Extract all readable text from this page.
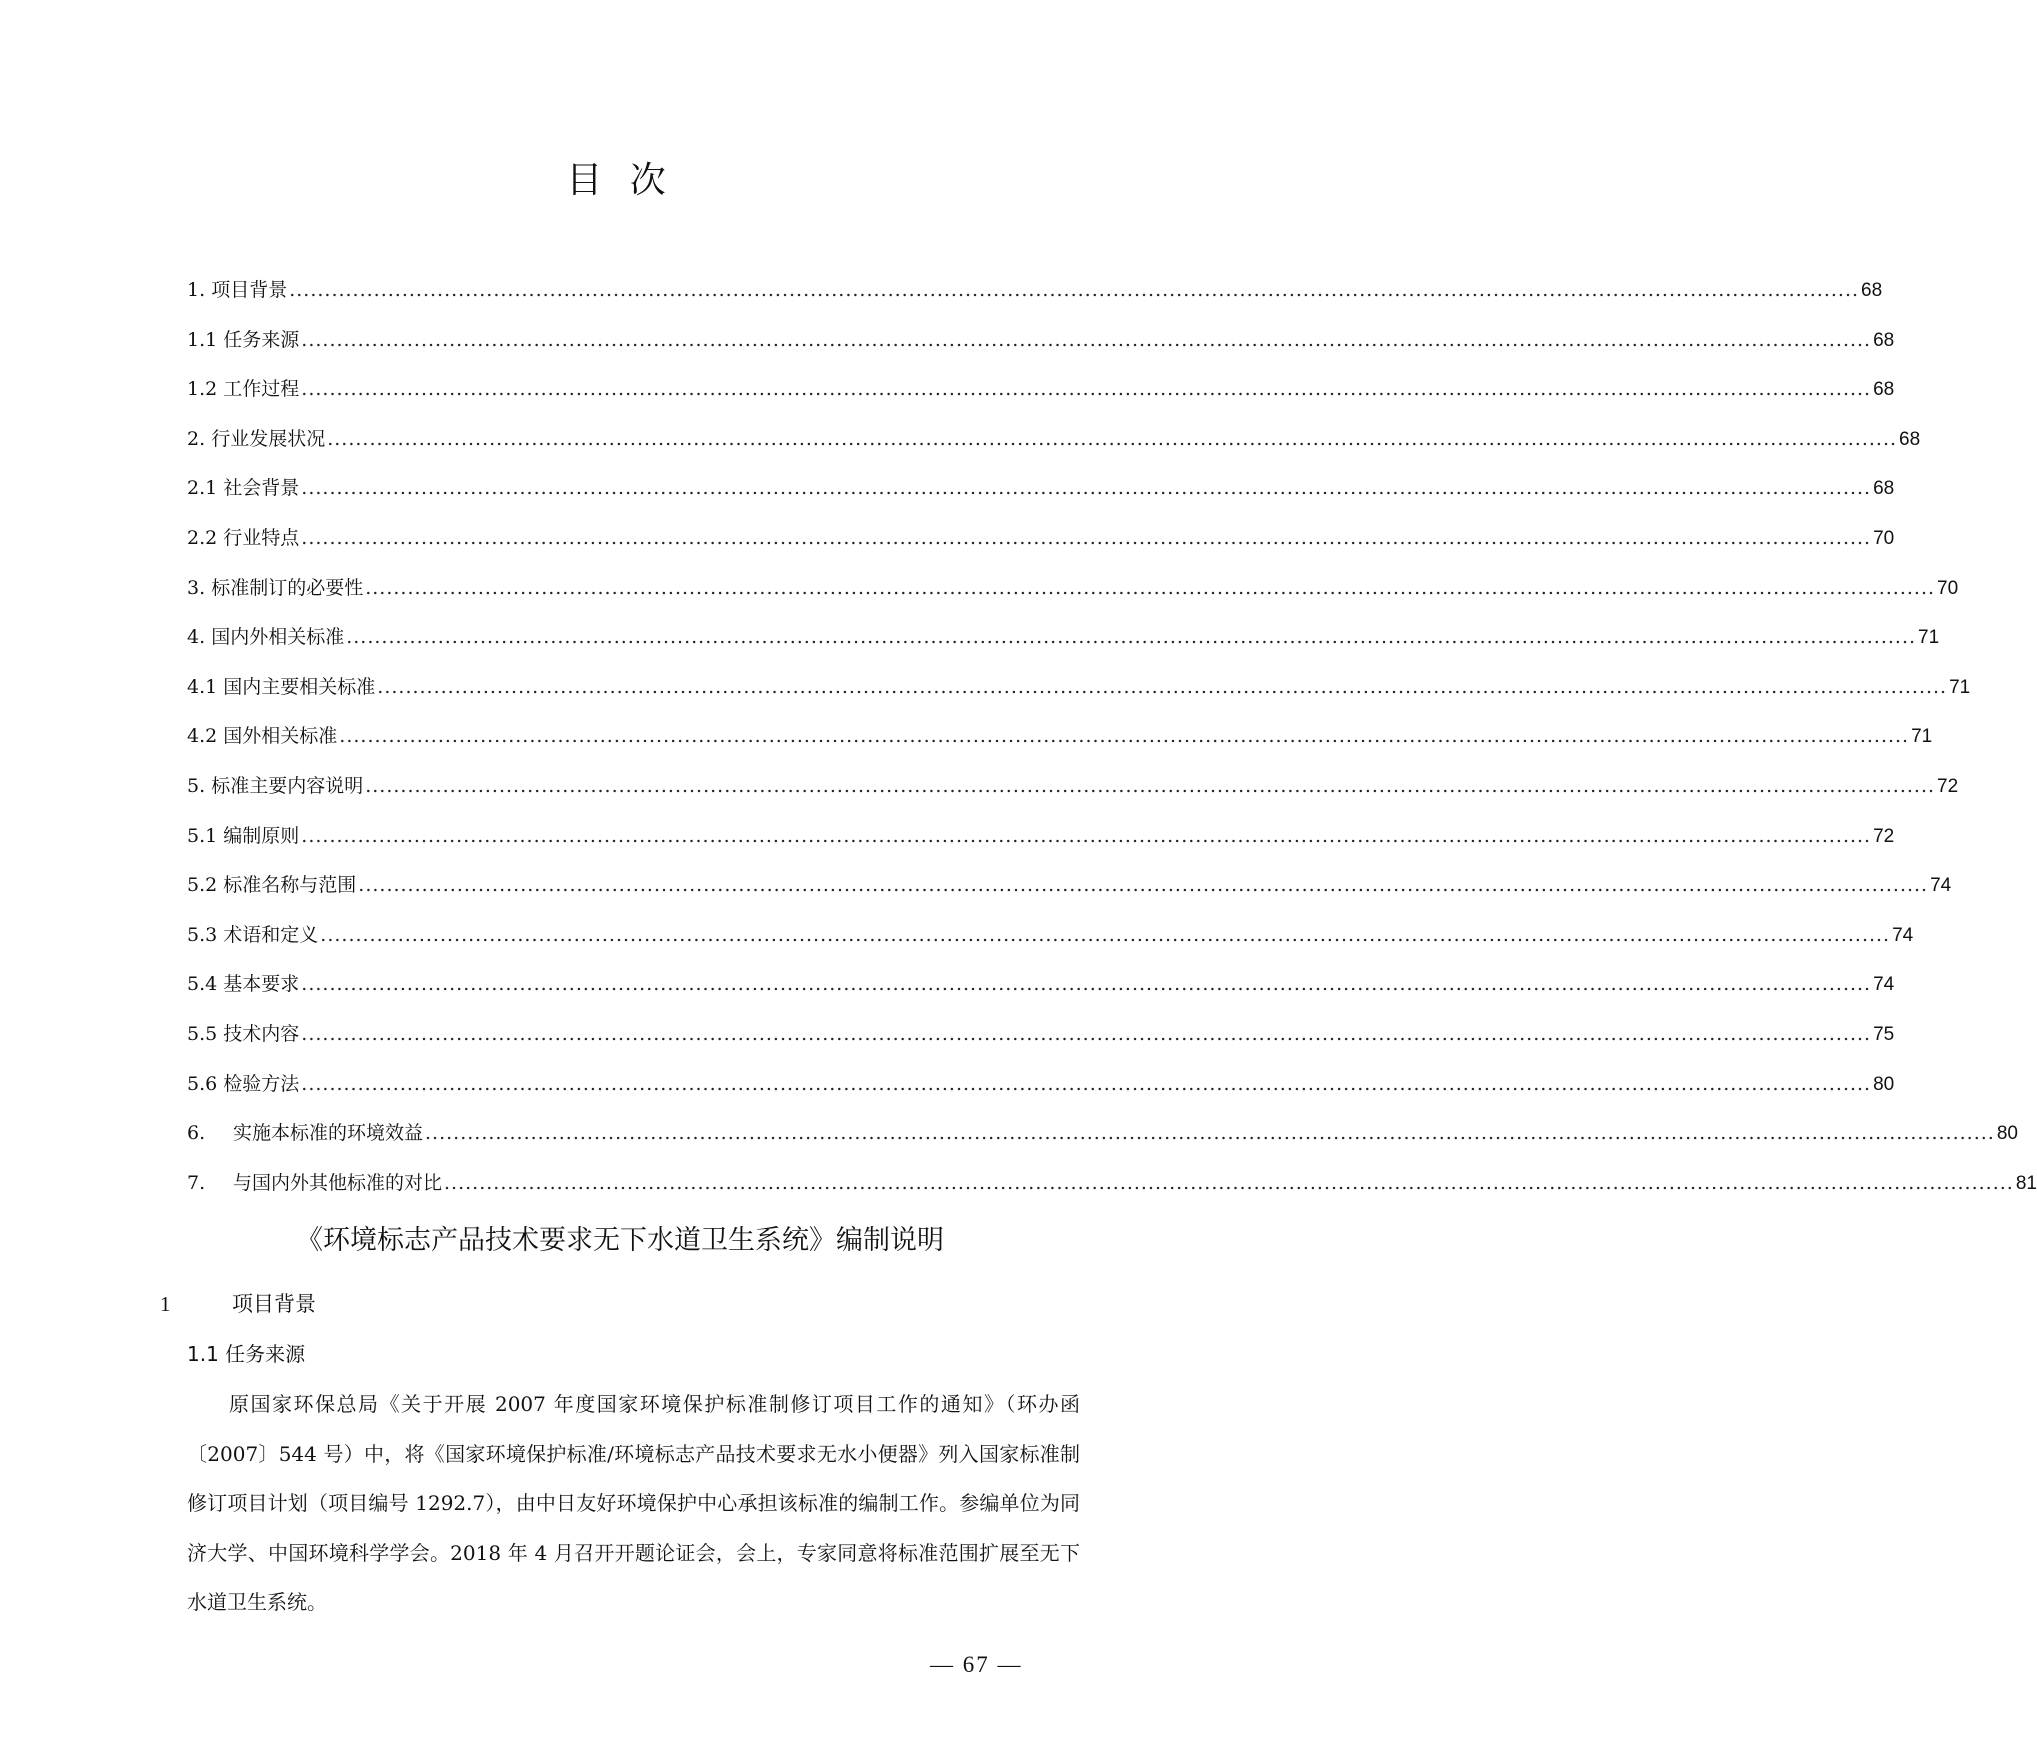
目 次
1. 项目背景 ............................................................................................................................................................................................................................... 68
1.1 任务来源 ............................................................................................................................................................................................................................... 68
1.2 工作过程 ............................................................................................................................................................................................................................... 68
2. 行业发展状况 ............................................................................................................................................................................................................................... 68
2.1 社会背景 ............................................................................................................................................................................................................................... 68
2.2 行业特点 ............................................................................................................................................................................................................................... 70
3. 标准制订的必要性 ............................................................................................................................................................................................................................... 70
4. 国内外相关标准 ............................................................................................................................................................................................................................... 71
4.1 国内主要相关标准 ............................................................................................................................................................................................................................... 71
4.2 国外相关标准 ............................................................................................................................................................................................................................... 71
5. 标准主要内容说明 ............................................................................................................................................................................................................................... 72
5.1 编制原则 ............................................................................................................................................................................................................................... 72
5.2 标准名称与范围 ............................................................................................................................................................................................................................... 74
5.3 术语和定义 ............................................................................................................................................................................................................................... 74
5.4 基本要求 ............................................................................................................................................................................................................................... 74
5.5 技术内容 ............................................................................................................................................................................................................................... 75
5.6 检验方法 ............................................................................................................................................................................................................................... 80
6. 实施本标准的环境效益 ............................................................................................................................................................................................................................... 80
7. 与国内外其他标准的对比 ............................................................................................................................................................................................................................... 81
《环境标志产品技术要求无下水道卫生系统》编制说明
1	项目背景
1.1 任务来源

原国家环保总局《关于开展 2007 年度国家环境保护标准制修订项目工作的通知》（环办函〔2007〕544 号）中，将《国家环境保护标准/环境标志产品技术要求无水小便器》列入国家标准制修订项目计划（项目编号 1292.7），由中日友好环境保护中心承担该标准的编制工作。参编单位为同济大学、中国环境科学学会。2018 年 4 月召开开题论证会，会上，专家同意将标准范围扩展至无下水道卫生系统。

— 67 —
